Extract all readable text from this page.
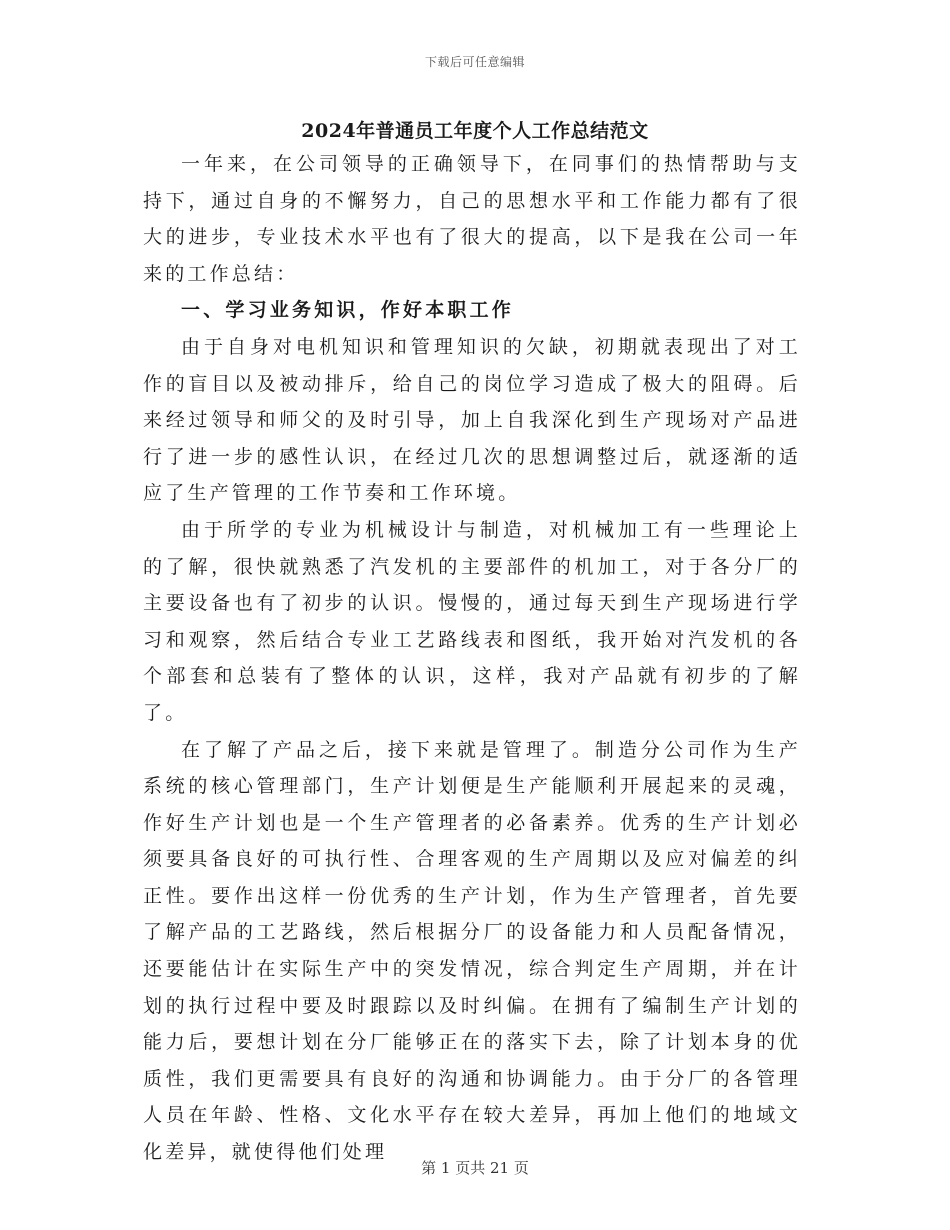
下载后可任意编辑
2024年普通员工年度个人工作总结范文

一年来，在公司领导的正确领导下，在同事们的热情帮助与支持下，通过自身的不懈努力，自己的思想水平和工作能力都有了很大的进步，专业技术水平也有了很大的提高，以下是我在公司一年来的工作总结：

一、学习业务知识，作好本职工作

由于自身对电机知识和管理知识的欠缺，初期就表现出了对工作的盲目以及被动排斥，给自己的岗位学习造成了极大的阻碍。后来经过领导和师父的及时引导，加上自我深化到生产现场对产品进行了进一步的感性认识，在经过几次的思想调整过后，就逐渐的适应了生产管理的工作节奏和工作环境。

由于所学的专业为机械设计与制造，对机械加工有一些理论上的了解，很快就熟悉了汽发机的主要部件的机加工，对于各分厂的主要设备也有了初步的认识。慢慢的，通过每天到生产现场进行学习和观察，然后结合专业工艺路线表和图纸，我开始对汽发机的各个部套和总装有了整体的认识，这样，我对产品就有初步的了解了。

在了解了产品之后，接下来就是管理了。制造分公司作为生产系统的核心管理部门，生产计划便是生产能顺利开展起来的灵魂，作好生产计划也是一个生产管理者的必备素养。优秀的生产计划必须要具备良好的可执行性、合理客观的生产周期以及应对偏差的纠正性。要作出这样一份优秀的生产计划，作为生产管理者，首先要了解产品的工艺路线，然后根据分厂的设备能力和人员配备情况，还要能估计在实际生产中的突发情况，综合判定生产周期，并在计划的执行过程中要及时跟踪以及时纠偏。在拥有了编制生产计划的能力后，要想计划在分厂能够正在的落实下去，除了计划本身的优质性，我们更需要具有良好的沟通和协调能力。由于分厂的各管理人员在年龄、性格、文化水平存在较大差异，再加上他们的地域文化差异，就使得他们处理

第 1 页共 21 页
